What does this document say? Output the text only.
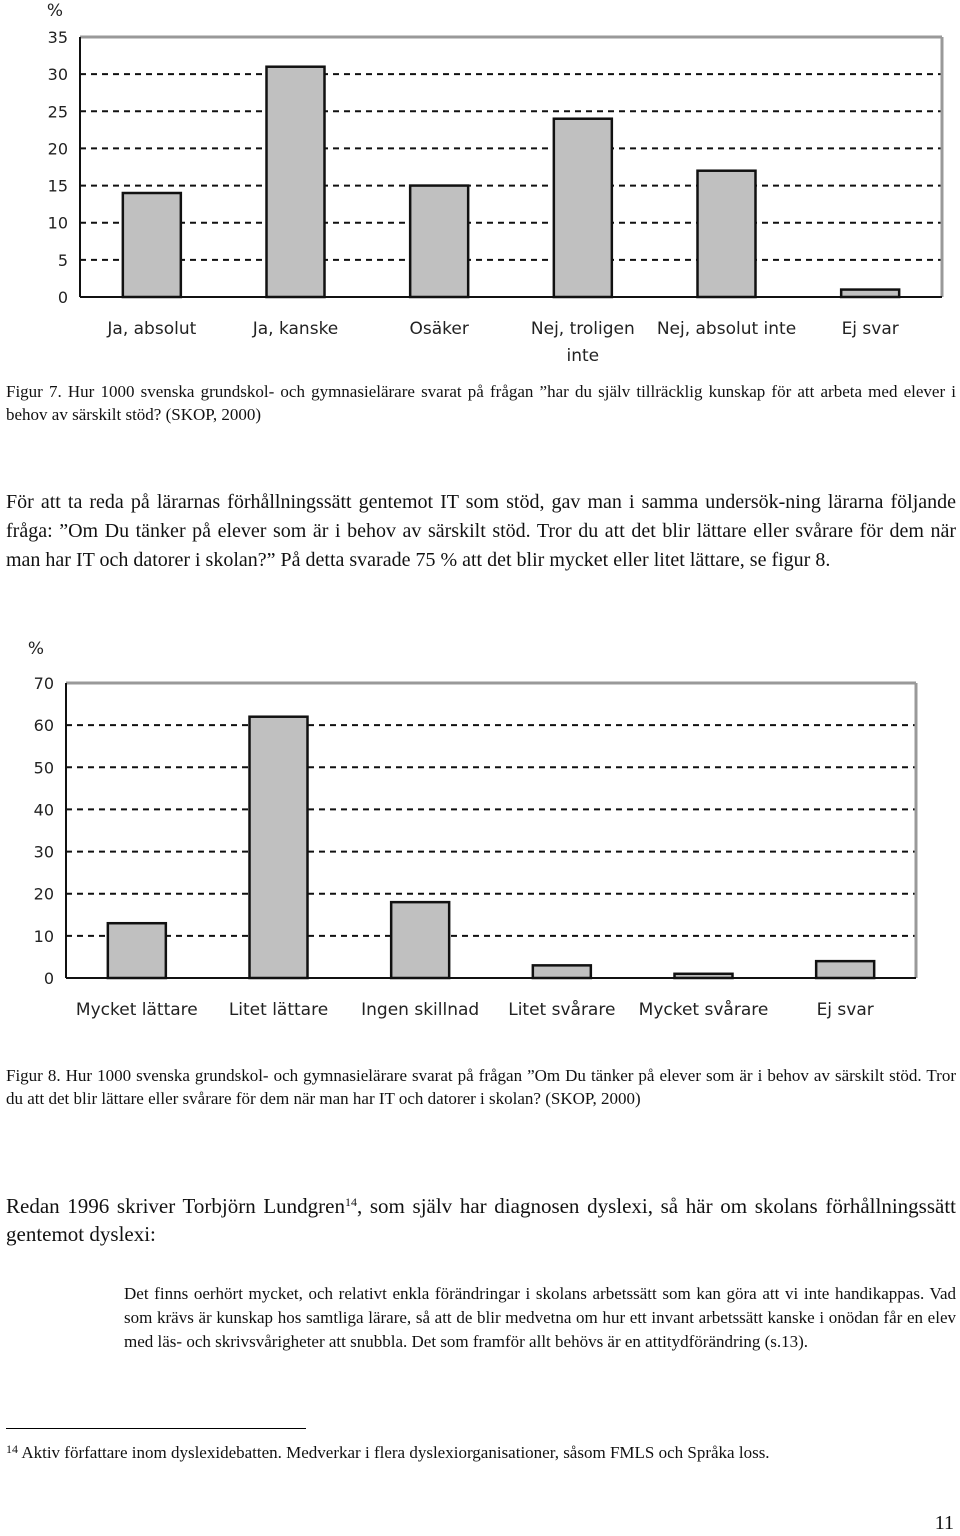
%
0
5
10
15
20
25
30
35
Ja, absolut	Ja, kanske	Osäker	Nej, troligen
inte
Nej, absolut inte	Ej svar
Figur 7. Hur 1000 svenska grundskol- och gymnasielärare svarat på frågan ”har du själv tillräcklig kunskap för att arbeta med elever i behov av särskilt stöd? (SKOP, 2000)
För att ta reda på lärarnas förhållningssätt gentemot IT som stöd, gav man i samma undersök-ning lärarna följande fråga: ”Om Du tänker på elever som är i behov av särskilt stöd. Tror du att det blir lättare eller svårare för dem när man har IT och datorer i skolan?” På detta svarade 75 % att det blir mycket eller litet lättare, se figur 8.
%
0
10
20
30
40
50
60
70
Mycket lättare Litet lättare Ingen skillnad Litet svårare Mycket svårare	Ej svar
Figur 8. Hur 1000 svenska grundskol- och gymnasielärare svarat på frågan ”Om Du tänker på elever som är i behov av särskilt stöd. Tror du att det blir lättare eller svårare för dem när man har IT och datorer i skolan? (SKOP, 2000)
Redan 1996 skriver Torbjörn Lundgren$^{14}$, som själv har diagnosen dyslexi, så här om skolans förhållningssätt gentemot dyslexi:
Det finns oerhört mycket, och relativt enkla förändringar i skolans arbetssätt som kan göra att vi inte handikappas. Vad som krävs är kunskap hos samtliga lärare, så att de blir medvetna om hur ett invant arbetssätt kanske i onödan får en elev med läs- och skrivsvårigheter att snubbla. Det som framför allt behövs är en attitydförändring (s.13).
$^{14}$ Aktiv författare inom dyslexidebatten. Medverkar i flera dyslexiorganisationer, såsom FMLS och Språka loss.
11
